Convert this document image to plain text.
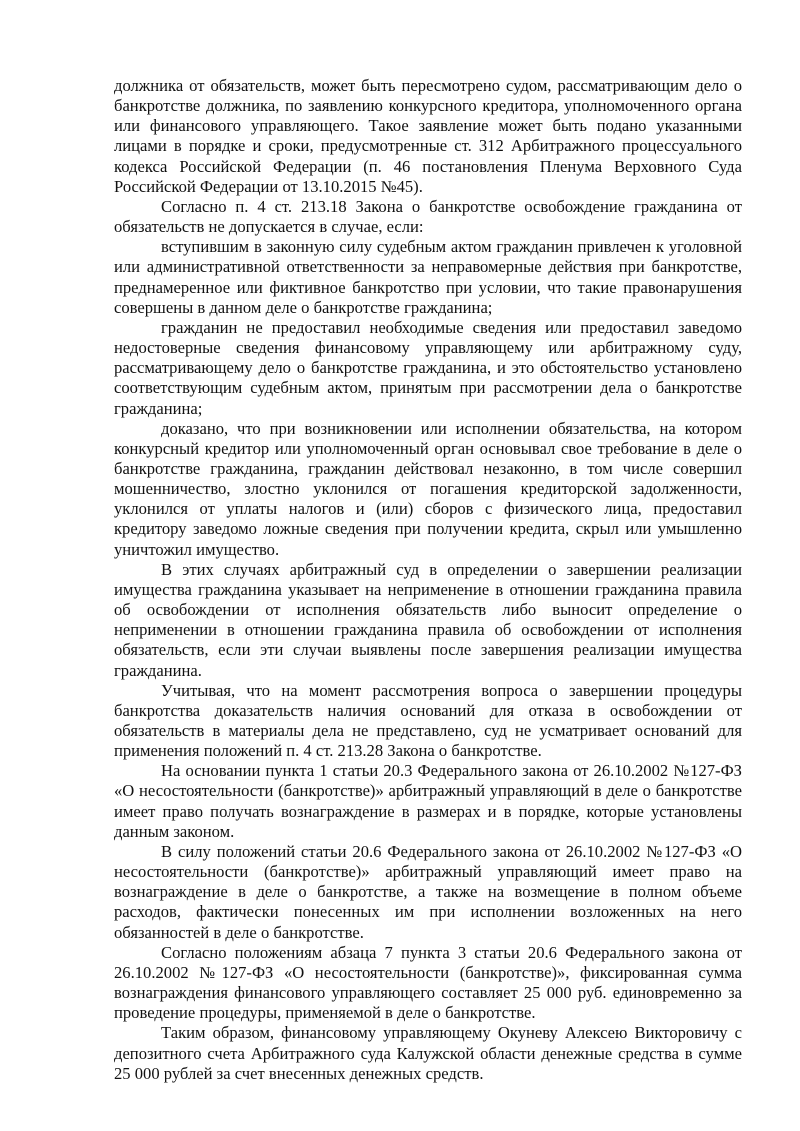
должника от обязательств, может быть пересмотрено судом, рассматривающим дело о банкротстве должника, по заявлению конкурсного кредитора, уполномоченного органа или финансового управляющего. Такое заявление может быть подано указанными лицами в порядке и сроки, предусмотренные ст. 312 Арбитражного процессуального кодекса Российской Федерации (п. 46 постановления Пленума Верховного Суда Российской Федерации от 13.10.2015 №45).

Согласно п. 4 ст. 213.18 Закона о банкротстве освобождение гражданина от обязательств не допускается в случае, если:

вступившим в законную силу судебным актом гражданин привлечен к уголовной или административной ответственности за неправомерные действия при банкротстве, преднамеренное или фиктивное банкротство при условии, что такие правонарушения совершены в данном деле о банкротстве гражданина;

гражданин не предоставил необходимые сведения или предоставил заведомо недостоверные сведения финансовому управляющему или арбитражному суду, рассматривающему дело о банкротстве гражданина, и это обстоятельство установлено соответствующим судебным актом, принятым при рассмотрении дела о банкротстве гражданина;

доказано, что при возникновении или исполнении обязательства, на котором конкурсный кредитор или уполномоченный орган основывал свое требование в деле о банкротстве гражданина, гражданин действовал незаконно, в том числе совершил мошенничество, злостно уклонился от погашения кредиторской задолженности, уклонился от уплаты налогов и (или) сборов с физического лица, предоставил кредитору заведомо ложные сведения при получении кредита, скрыл или умышленно уничтожил имущество.

В этих случаях арбитражный суд в определении о завершении реализации имущества гражданина указывает на неприменение в отношении гражданина правила об освобождении от исполнения обязательств либо выносит определение о неприменении в отношении гражданина правила об освобождении от исполнения обязательств, если эти случаи выявлены после завершения реализации имущества гражданина.

Учитывая, что на момент рассмотрения вопроса о завершении процедуры банкротства доказательств наличия оснований для отказа в освобождении от обязательств в материалы дела не представлено, суд не усматривает оснований для применения положений п. 4 ст. 213.28 Закона о банкротстве.

На основании пункта 1 статьи 20.3 Федерального закона от 26.10.2002 №127-ФЗ «О несостоятельности (банкротстве)» арбитражный управляющий в деле о банкротстве имеет право получать вознаграждение в размерах и в порядке, которые установлены данным законом.

В силу положений статьи 20.6 Федерального закона от 26.10.2002 №127-ФЗ «О несостоятельности (банкротстве)» арбитражный управляющий имеет право на вознаграждение в деле о банкротстве, а также на возмещение в полном объеме расходов, фактически понесенных им при исполнении возложенных на него обязанностей в деле о банкротстве.

Согласно положениям абзаца 7 пункта 3 статьи 20.6 Федерального закона от 26.10.2002 №127-ФЗ «О несостоятельности (банкротстве)», фиксированная сумма вознаграждения финансового управляющего составляет 25 000 руб. единовременно за проведение процедуры, применяемой в деле о банкротстве.

Таким образом, финансовому управляющему Окуневу Алексею Викторовичу с депозитного счета Арбитражного суда Калужской области денежные средства в сумме 25 000 рублей за счет внесенных денежных средств.
